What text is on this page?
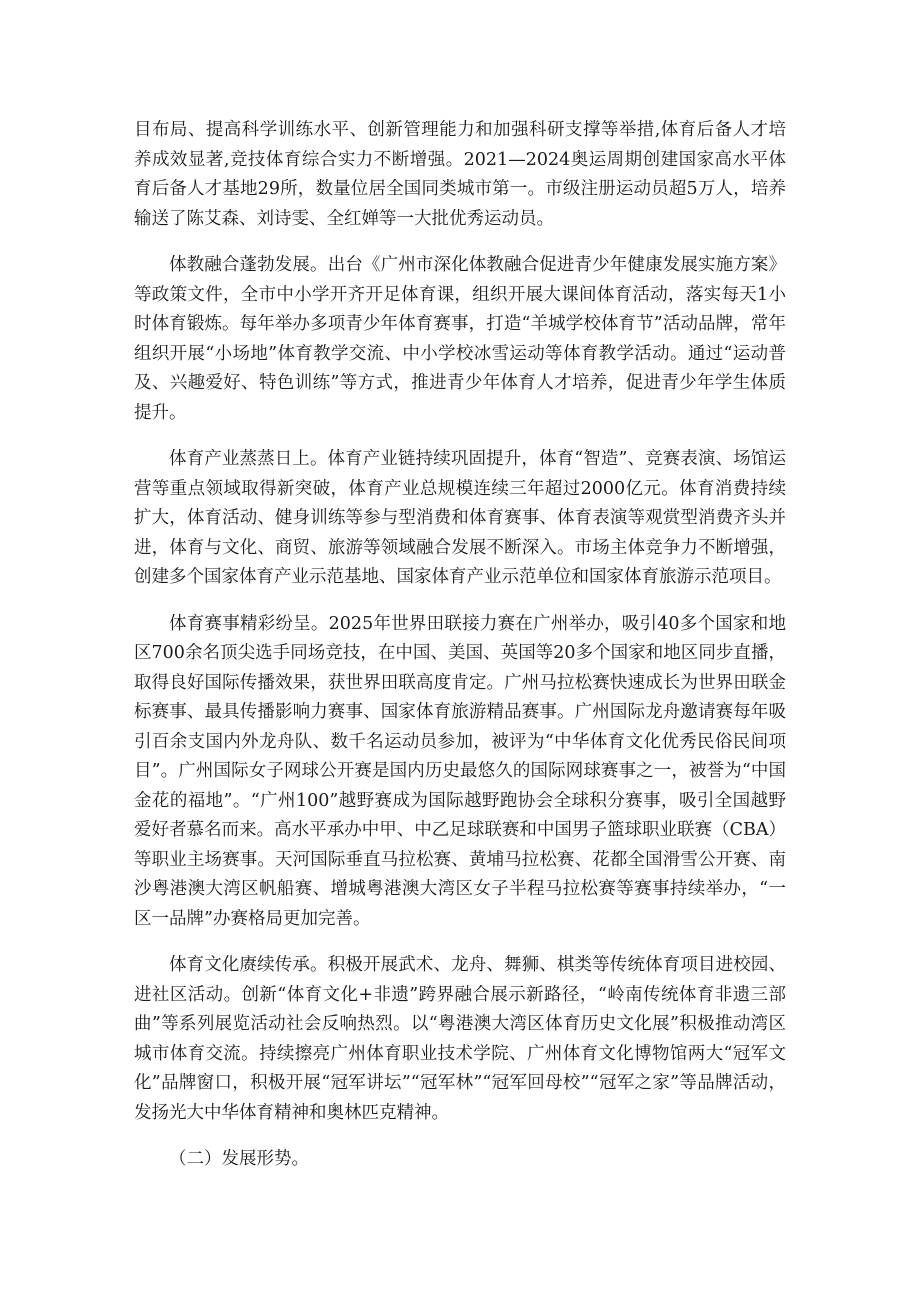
目布局、提高科学训练水平、创新管理能力和加强科研支撑等举措,体育后备人才培养成效显著,竞技体育综合实力不断增强。2021—2024奥运周期创建国家高水平体育后备人才基地29所，数量位居全国同类城市第一。市级注册运动员超5万人，培养输送了陈艾森、刘诗雯、全红婵等一大批优秀运动员。

体教融合蓬勃发展。出台《广州市深化体教融合促进青少年健康发展实施方案》等政策文件，全市中小学开齐开足体育课，组织开展大课间体育活动，落实每天1小时体育锻炼。每年举办多项青少年体育赛事，打造“羊城学校体育节”活动品牌，常年组织开展“小场地”体育教学交流、中小学校冰雪运动等体育教学活动。通过“运动普及、兴趣爱好、特色训练”等方式，推进青少年体育人才培养，促进青少年学生体质提升。

体育产业蒸蒸日上。体育产业链持续巩固提升，体育“智造”、竞赛表演、场馆运营等重点领域取得新突破，体育产业总规模连续三年超过2000亿元。体育消费持续扩大，体育活动、健身训练等参与型消费和体育赛事、体育表演等观赏型消费齐头并进，体育与文化、商贸、旅游等领域融合发展不断深入。市场主体竞争力不断增强，创建多个国家体育产业示范基地、国家体育产业示范单位和国家体育旅游示范项目。

体育赛事精彩纷呈。2025年世界田联接力赛在广州举办，吸引40多个国家和地区700余名顶尖选手同场竞技，在中国、美国、英国等20多个国家和地区同步直播，取得良好国际传播效果，获世界田联高度肯定。广州马拉松赛快速成长为世界田联金标赛事、最具传播影响力赛事、国家体育旅游精品赛事。广州国际龙舟邀请赛每年吸引百余支国内外龙舟队、数千名运动员参加，被评为“中华体育文化优秀民俗民间项目”。广州国际女子网球公开赛是国内历史最悠久的国际网球赛事之一，被誉为“中国金花的福地”。“广州100”越野赛成为国际越野跑协会全球积分赛事，吸引全国越野爱好者慕名而来。高水平承办中甲、中乙足球联赛和中国男子篮球职业联赛（CBA）等职业主场赛事。天河国际垂直马拉松赛、黄埔马拉松赛、花都全国滑雪公开赛、南沙粤港澳大湾区帆船赛、增城粤港澳大湾区女子半程马拉松赛等赛事持续举办，“一区一品牌”办赛格局更加完善。

体育文化赓续传承。积极开展武术、龙舟、舞狮、棋类等传统体育项目进校园、进社区活动。创新“体育文化+非遗”跨界融合展示新路径，“岭南传统体育非遗三部曲”等系列展览活动社会反响热烈。以“粤港澳大湾区体育历史文化展”积极推动湾区城市体育交流。持续擦亮广州体育职业技术学院、广州体育文化博物馆两大“冠军文化”品牌窗口，积极开展“冠军讲坛”“冠军林”“冠军回母校”“冠军之家”等品牌活动，发扬光大中华体育精神和奥林匹克精神。

（二）发展形势。
